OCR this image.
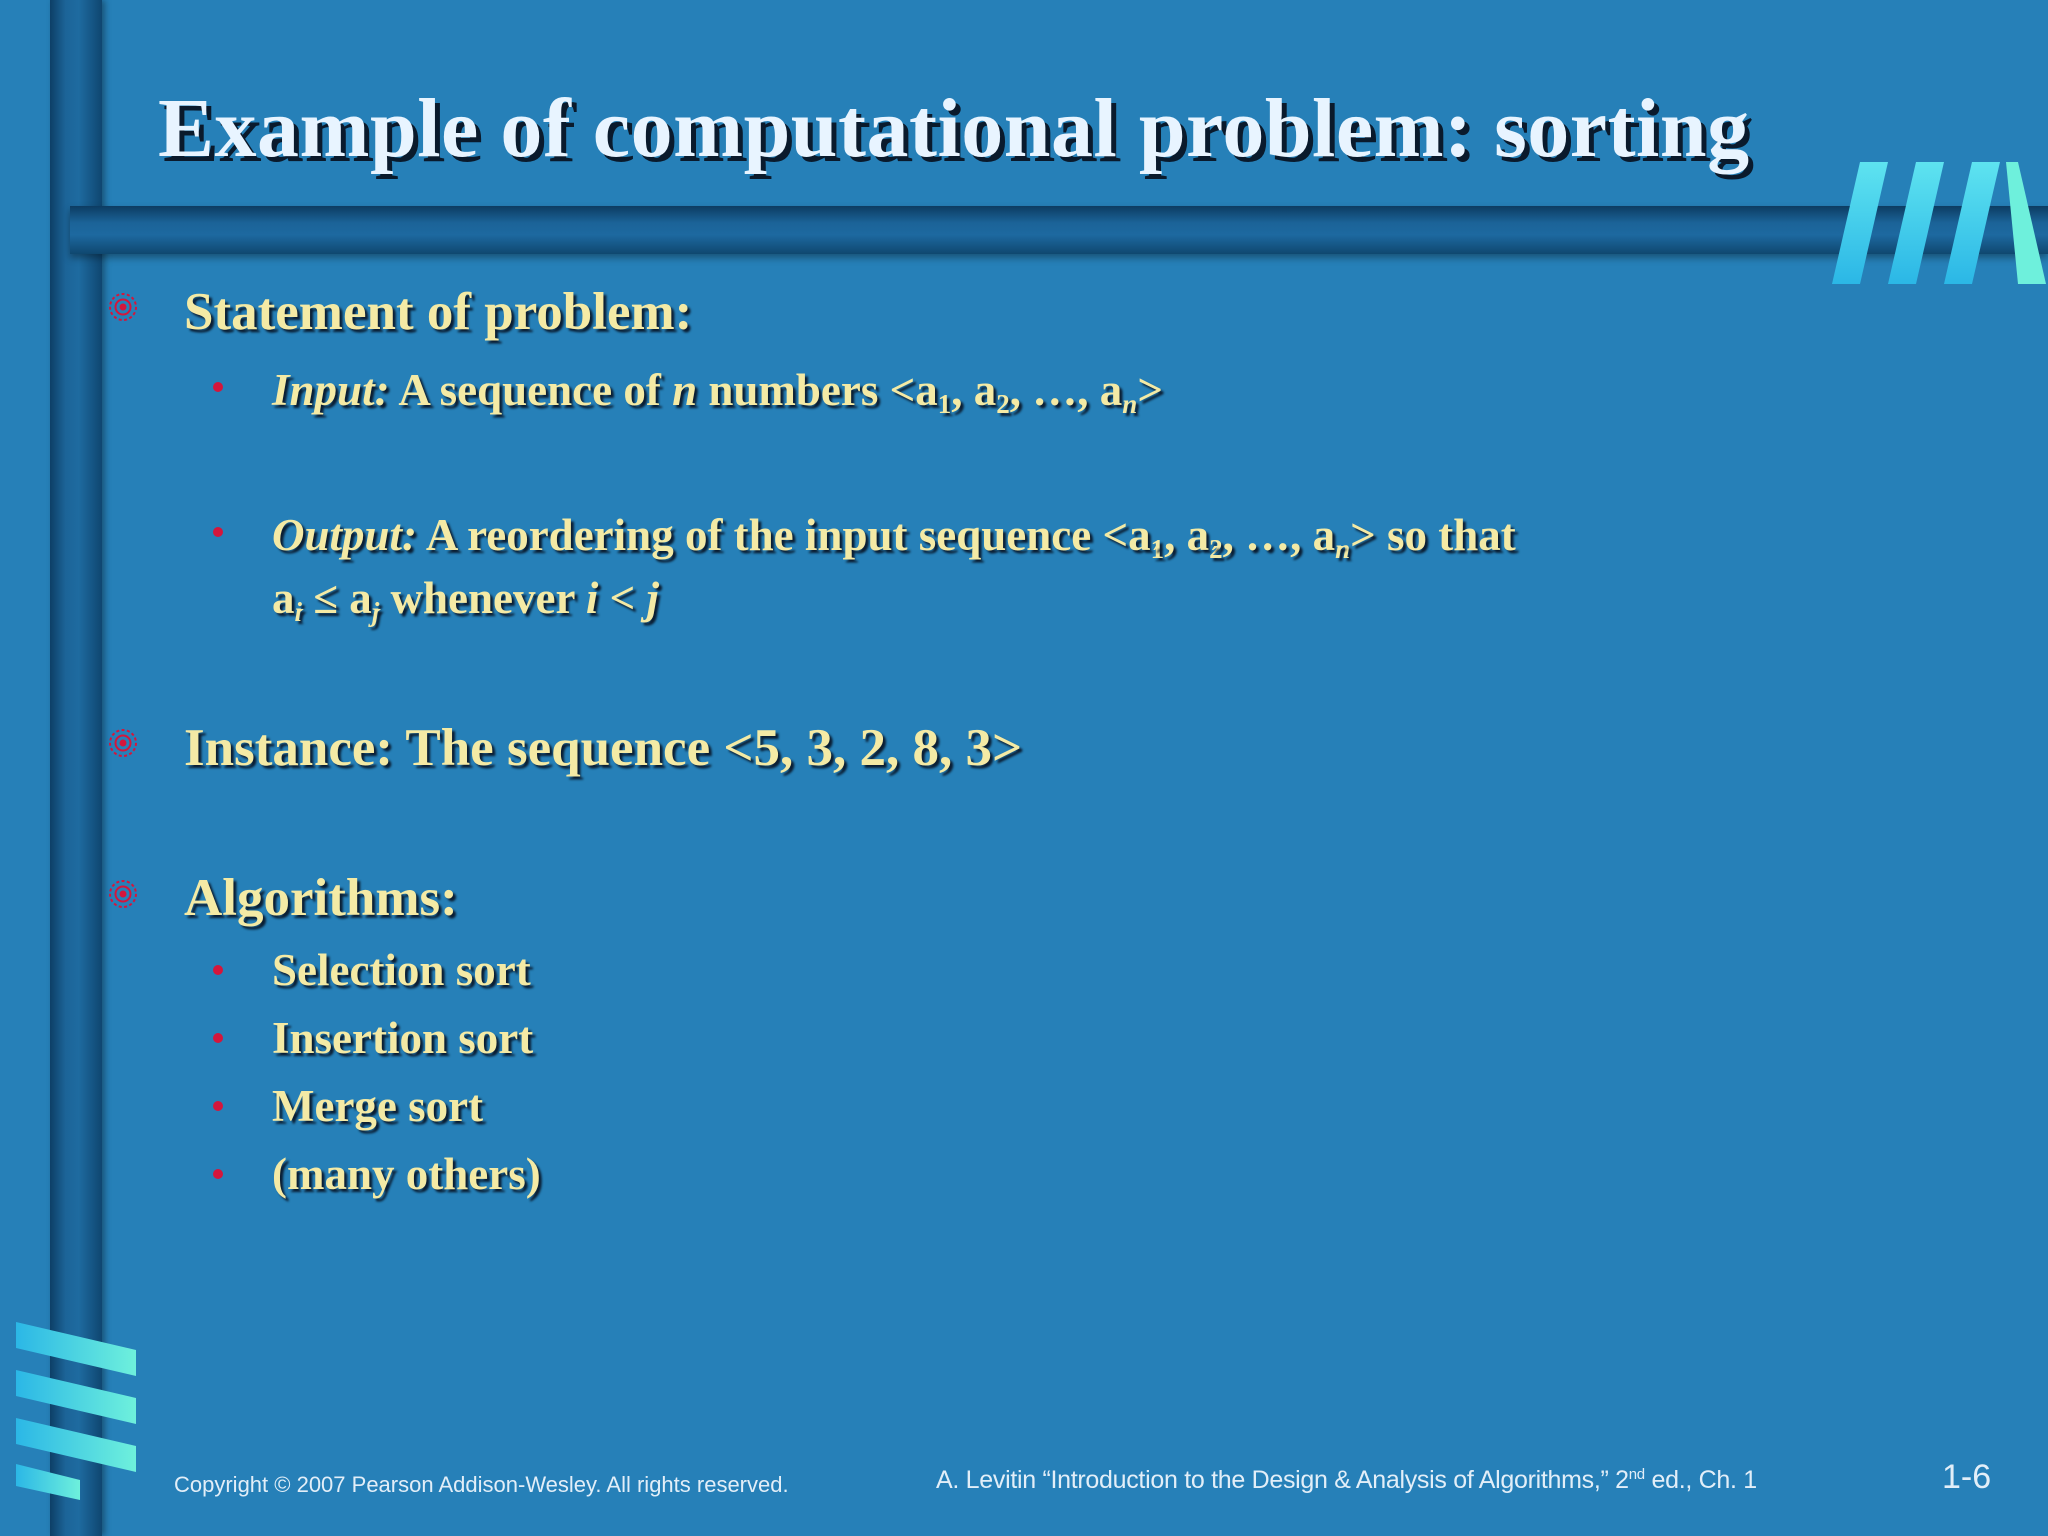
Example of computational problem: sorting
Statement of problem:
Input: A sequence of n numbers $<a_1$, $a_2$, …, $a_n>$
Output: A reordering of the input sequence $<a_1$, $a_2$, …, $a_n>$ so that
$a_i \le a_j$ whenever i < j
Instance: The sequence <5, 3, 2, 8, 3>
Algorithms:
Selection sort
Insertion sort
Merge sort
(many others)
Copyright © 2007 Pearson Addison-Wesley. All rights reserved.	A. Levitin “Introduction to the Design & Analysis of Algorithms,” 2nd ed., Ch. 1	1-6
